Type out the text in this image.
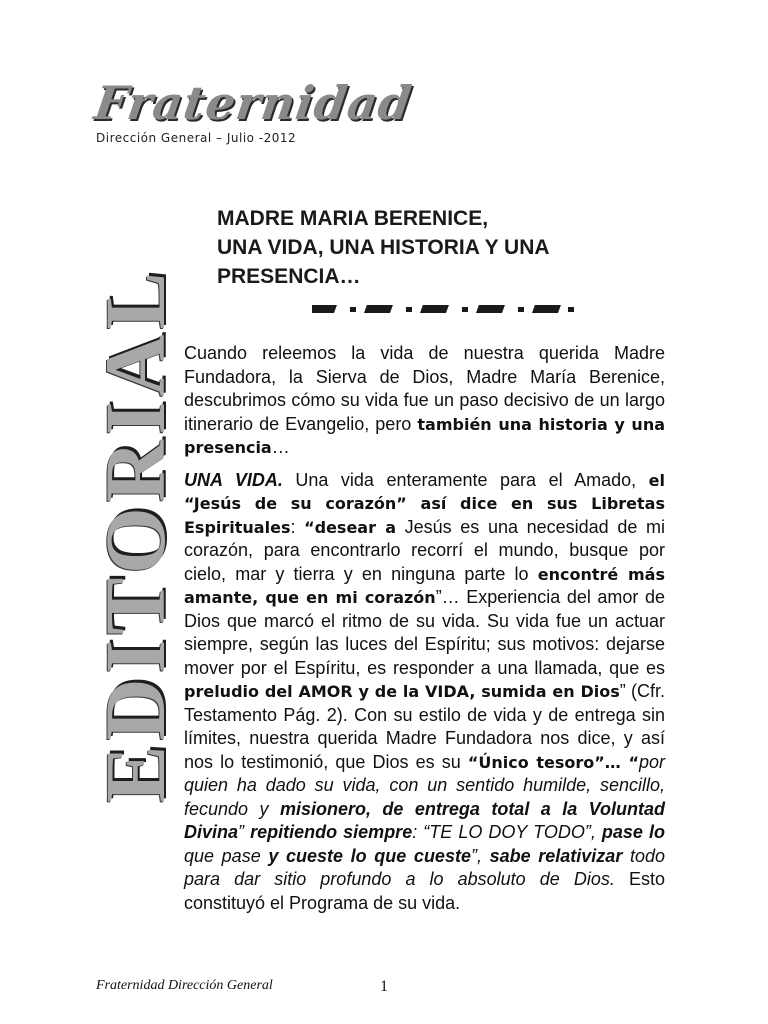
Fraternidad
Dirección General – Julio -2012
EDITORIAL
MADRE MARIA BERENICE,
UNA VIDA, UNA HISTORIA Y UNA
PRESENCIA…

Cuando releemos la vida de nuestra querida Madre Fundadora, la Sierva de Dios, Madre María Berenice, descubrimos cómo su vida fue un paso decisivo de un largo itinerario de Evangelio, pero también una historia y una presencia…

UNA VIDA. Una vida enteramente para el Amado, el “Jesús de su corazón” así dice en sus Libretas Espirituales: “desear a Jesús es una necesidad de mi corazón, para encontrarlo recorrí el mundo, busque por cielo, mar y tierra y en ninguna parte lo encontré más amante, que en mi corazón”… Experiencia del amor de Dios que marcó el ritmo de su vida. Su vida fue un actuar siempre, según las luces del Espíritu; sus motivos: dejarse mover por el Espíritu, es responder a una llamada, que es preludio del AMOR y de la VIDA, sumida en Dios” (Cfr. Testamento Pág. 2). Con su estilo de vida y de entrega sin límites, nuestra querida Madre Fundadora nos dice, y así nos lo testimonió, que Dios es su “Único tesoro”… “por quien ha dado su vida, con un sentido humilde, sencillo, fecundo y misionero, de entrega total a la Voluntad Divina” repitiendo siempre: “TE LO DOY TODO”, pase lo que pase y cueste lo que cueste”, sabe relativizar todo para dar sitio profundo a lo absoluto de Dios. Esto constituyó el Programa de su vida.

Fraternidad Dirección General	1
